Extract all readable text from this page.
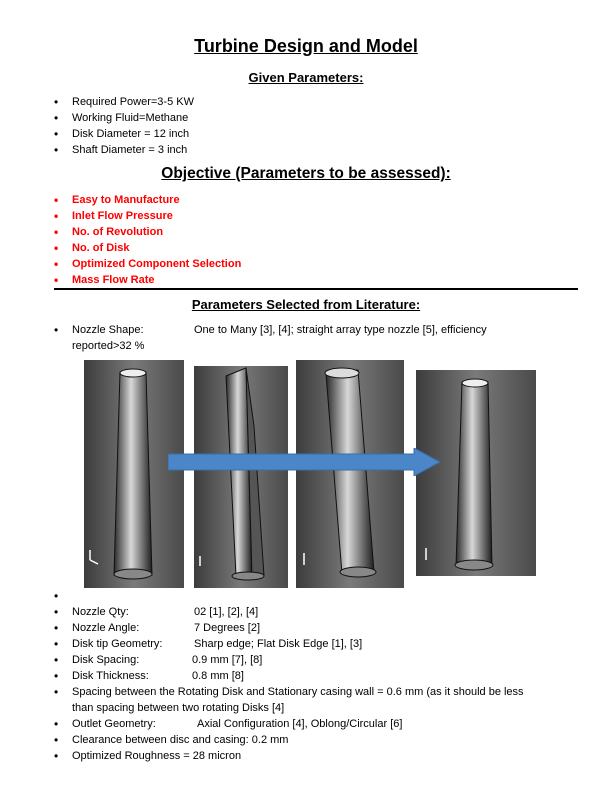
Turbine Design and Model
Given Parameters:
• Required Power=3-5 KW
• Working Fluid=Methane
• Disk Diameter = 12 inch
• Shaft Diameter = 3 inch
Objective (Parameters to be assessed):
• Easy to Manufacture
• Inlet Flow Pressure
• No. of Revolution
• No. of Disk
• Optimized Component Selection
• Mass Flow Rate
Parameters Selected from Literature:
• Nozzle Shape:	One to Many [3], [4]; straight array type nozzle [5], efficiency
reported>32 %
•
• Nozzle Qty:	02 [1], [2], [4]
• Nozzle Angle:	7 Degrees [2]
• Disk tip Geometry:	Sharp edge; Flat Disk Edge [1], [3]
• Disk Spacing:	0.9 mm [7], [8]
• Disk Thickness:	0.8 mm [8]
• Spacing between the Rotating Disk and Stationary casing wall = 0.6 mm (as it should be less
than spacing between two rotating Disks [4]
• Outlet Geometry:	Axial Configuration [4], Oblong/Circular [6]
• Clearance between disc and casing: 0.2 mm
• Optimized Roughness = 28 micron
